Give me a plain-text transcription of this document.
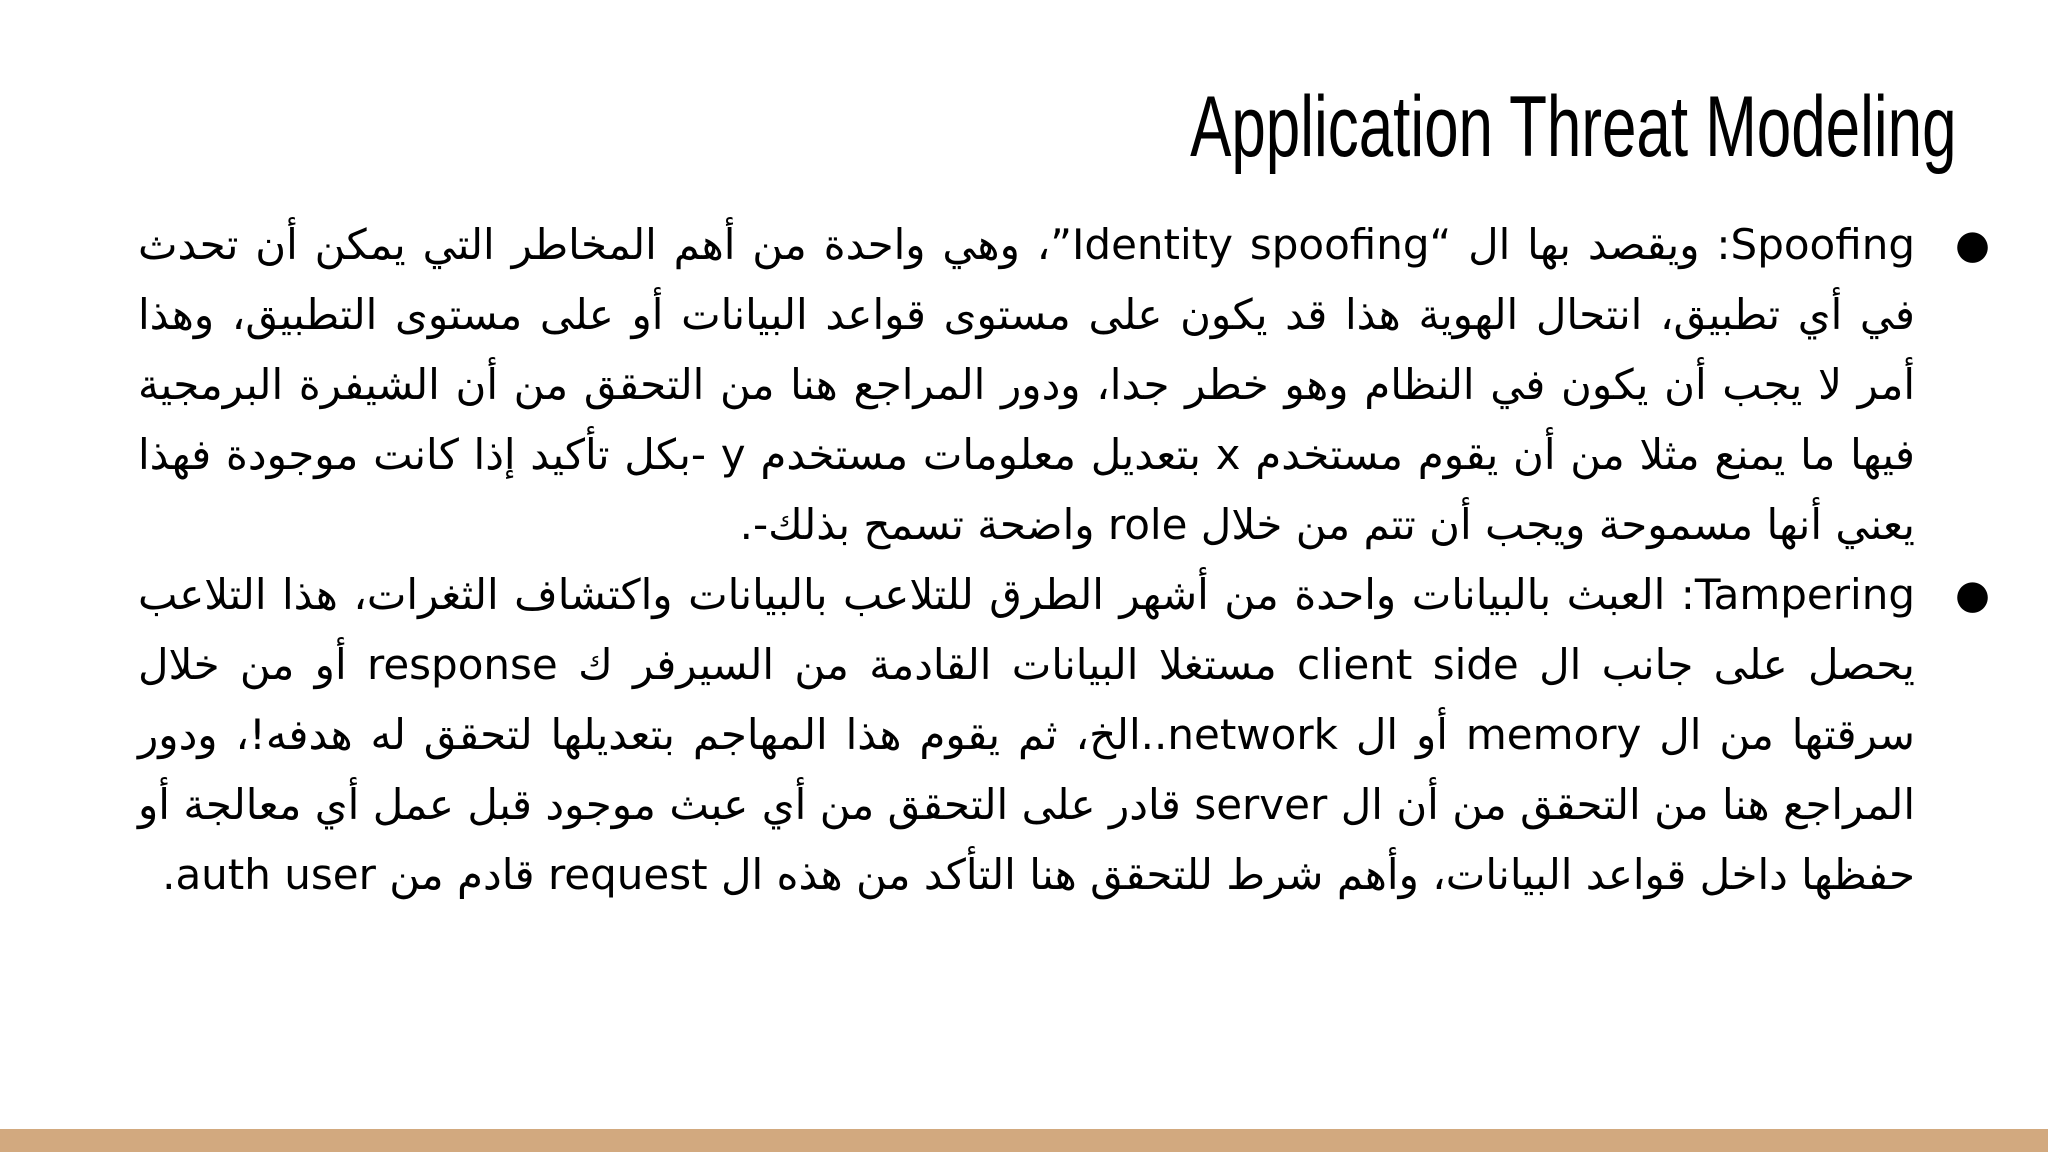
Application Threat Modeling
●
Spoofing: ويقصد بها ال “Identity spoofing”، وهي واحدة من أهم المخاطر التي يمكن أن تحدث في أي تطبيق، انتحال الهوية هذا قد يكون على مستوى قواعد البيانات أو على مستوى التطبيق، وهذا أمر لا يجب أن يكون في النظام وهو خطر جدا، ودور المراجع هنا من التحقق من أن الشيفرة البرمجية فيها ما يمنع مثلا من أن يقوم مستخدم x بتعديل معلومات مستخدم y -بكل تأكيد إذا كانت موجودة فهذا يعني أنها مسموحة ويجب أن تتم من خلال role واضحة تسمح بذلك-.
●
Tampering: العبث بالبيانات واحدة من أشهر الطرق للتلاعب بالبيانات واكتشاف الثغرات، هذا التلاعب يحصل على جانب ال client side مستغلا البيانات القادمة من السيرفر ك response أو من خلال سرقتها من ال memory أو ال network..الخ، ثم يقوم هذا المهاجم بتعديلها لتحقق له هدفه!، ودور المراجع هنا من التحقق من أن ال server قادر على التحقق من أي عبث موجود قبل عمل أي معالجة أو حفظها داخل قواعد البيانات، وأهم شرط للتحقق هنا التأكد من هذه ال request قادم من auth user.
